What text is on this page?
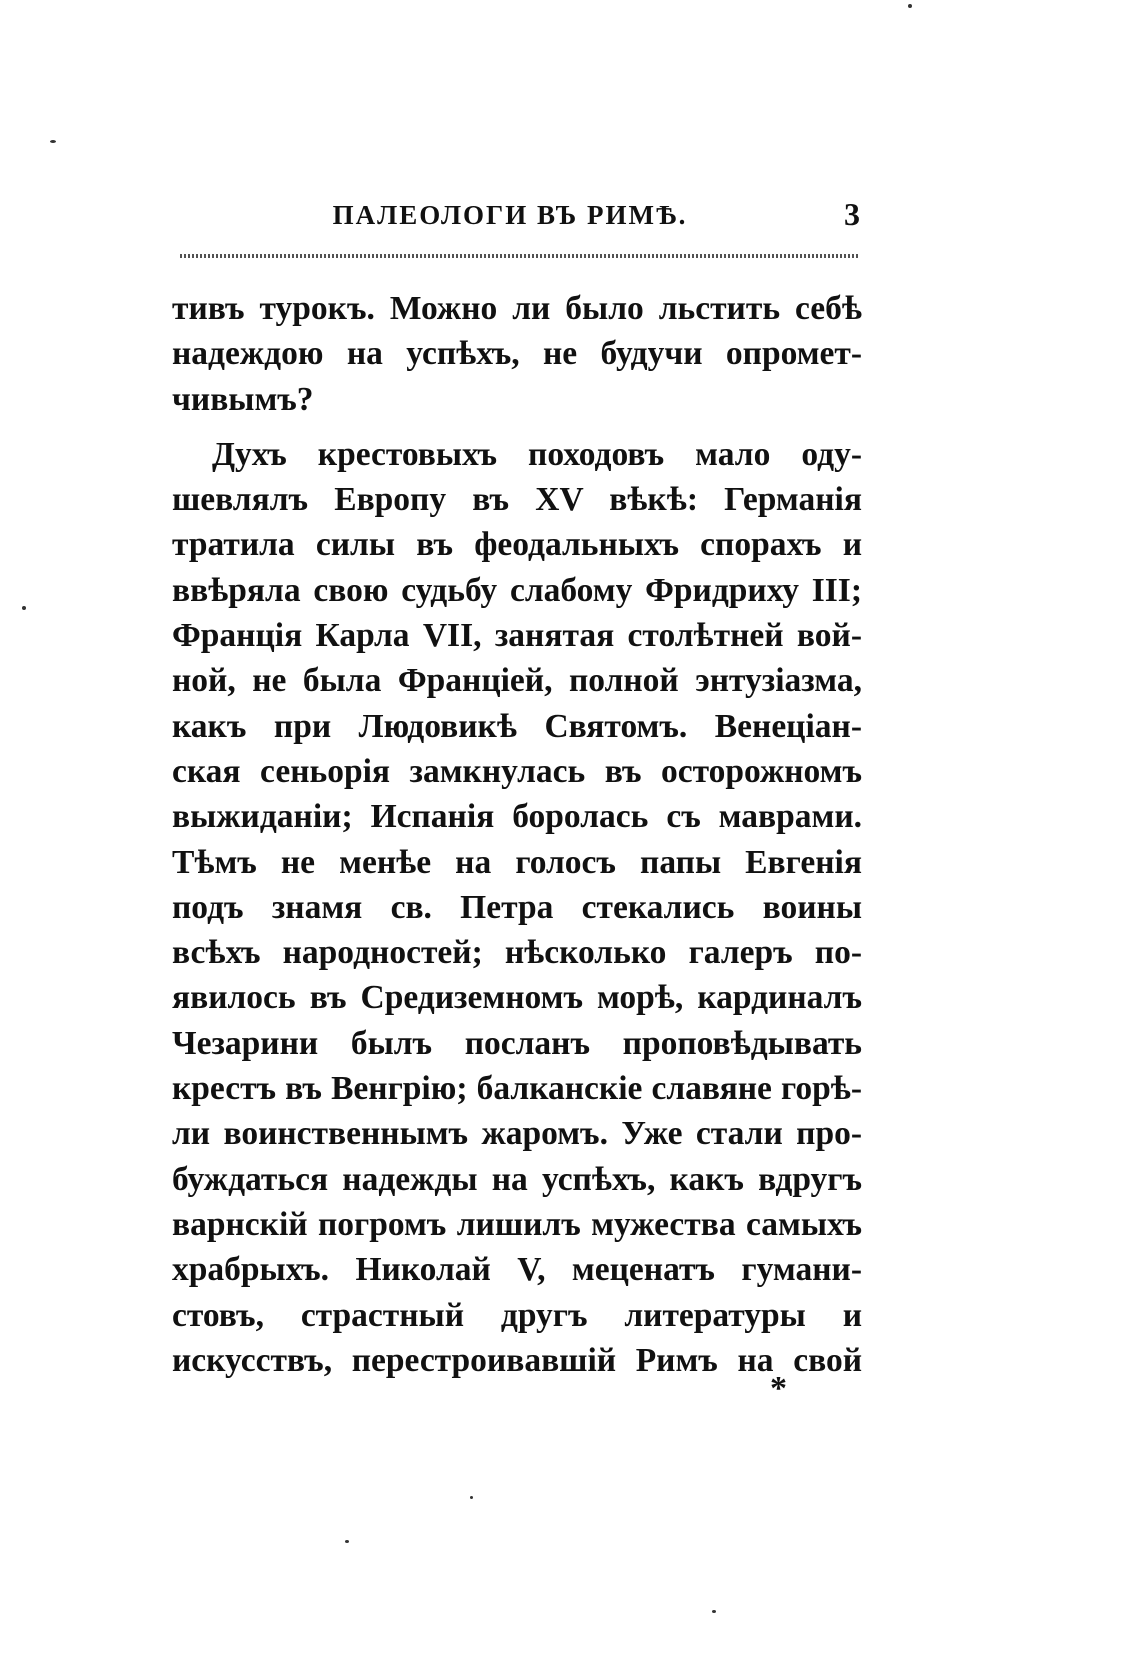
ПАЛЕОЛОГИ ВЪ РИМѢ.	3
тивъ турокъ. Можно ли было льстить себѣ
надеждою на успѣхъ, не будучи опромет-
чивымъ?
Духъ крестовыхъ походовъ мало оду-
шевлялъ Европу въ XV вѣкѣ: Германія
тратила силы въ феодальныхъ спорахъ и
ввѣряла свою судьбу слабому Фридриху III;
Франція Карла VII, занятая столѣтней вой-
ной, не была Франціей, полной энтузіазма,
какъ при Людовикѣ Святомъ. Венеціан-
ская сеньорія замкнулась въ осторожномъ
выжиданіи; Испанія боролась съ маврами.
Тѣмъ не менѣе на голосъ папы Евгенія
подъ знамя св. Петра стекались воины
всѣхъ народностей; нѣсколько галеръ по-
явилось въ Средиземномъ морѣ, кардиналъ
Чезарини былъ посланъ проповѣдывать
крестъ въ Венгрію; балканскіе славяне горѣ-
ли воинственнымъ жаромъ. Уже стали про-
буждаться надежды на успѣхъ, какъ вдругъ
варнскій погромъ лишилъ мужества самыхъ
храбрыхъ. Николай V, меценатъ гумани-
стовъ, страстный другъ литературы и
искусствъ, перестроивавшій Римъ на свой
*
